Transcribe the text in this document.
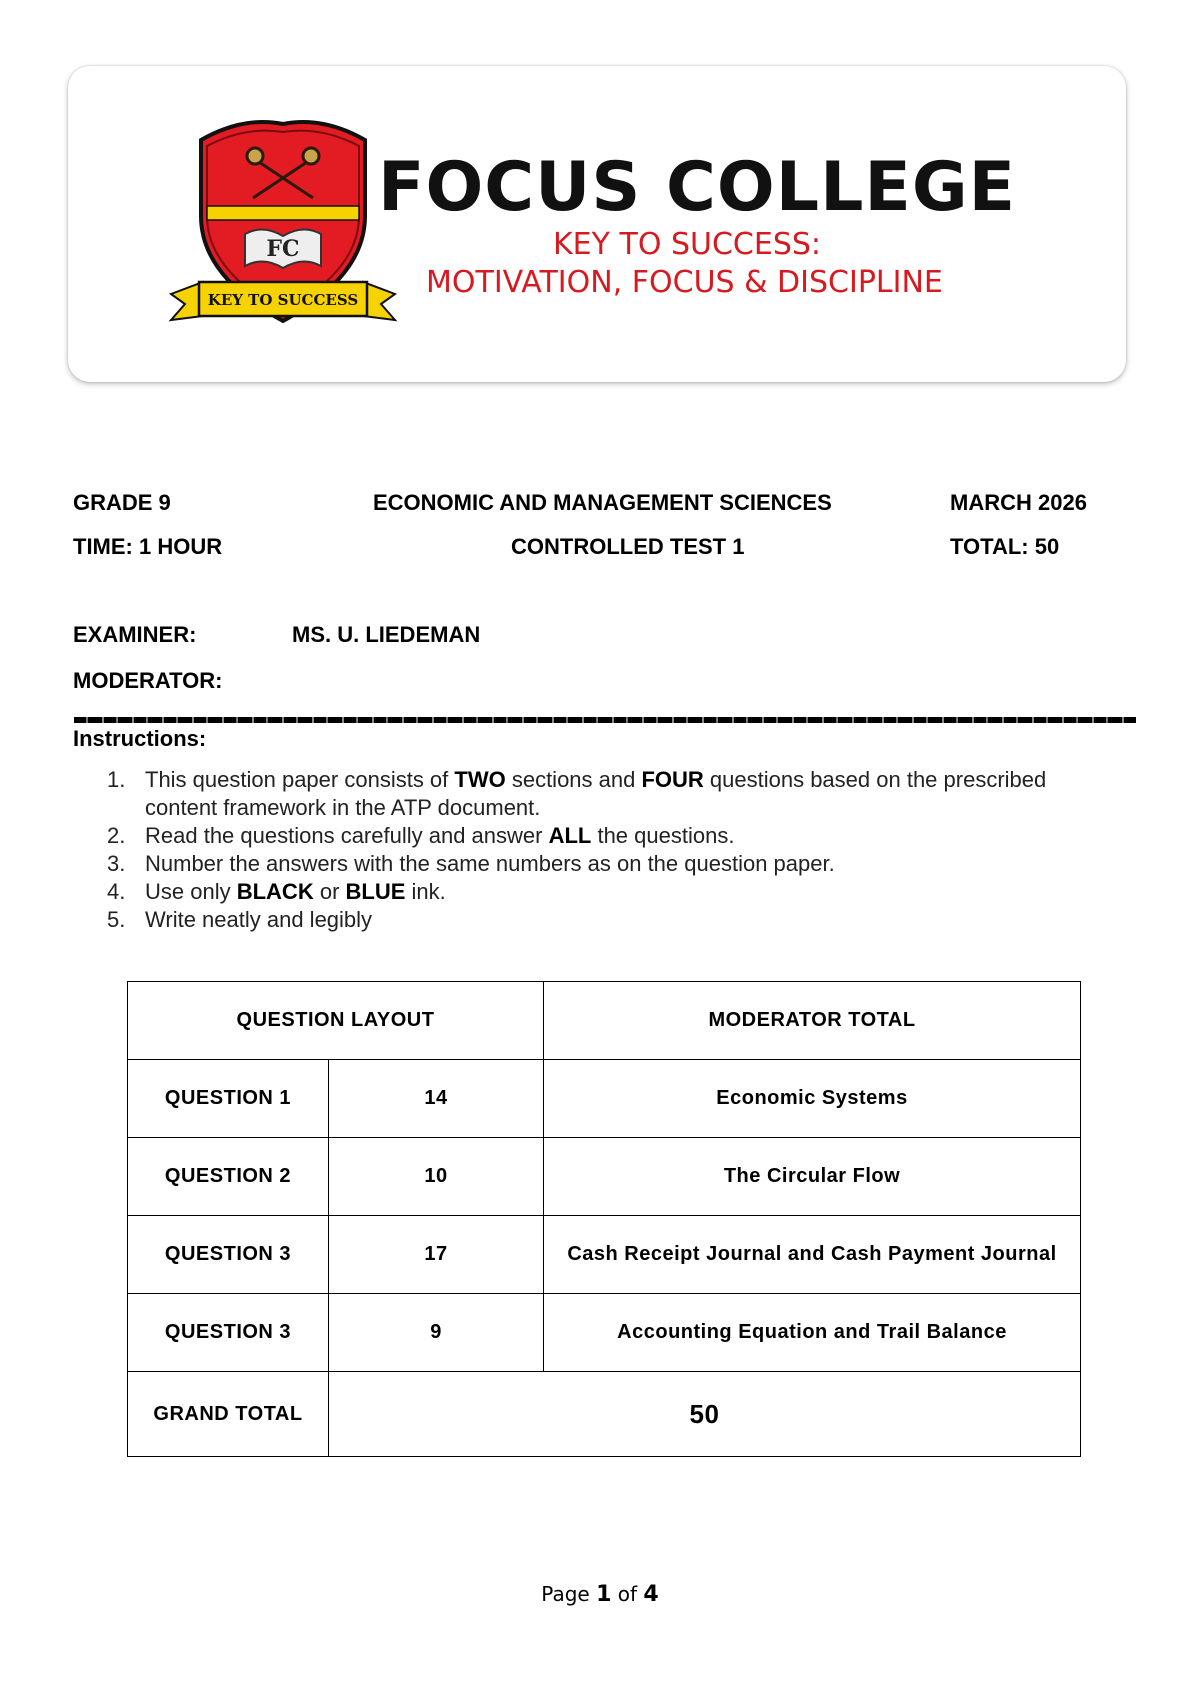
FC
KEY TO SUCCESS
FOCUS COLLEGE
KEY TO SUCCESS:
MOTIVATION, FOCUS & DISCIPLINE
GRADE 9	ECONOMIC AND MANAGEMENT SCIENCES	MARCH 2026
TIME: 1 HOUR	CONTROLLED TEST 1	TOTAL: 50
EXAMINER:	MS. U. LIEDEMAN
MODERATOR:
Instructions:
1. This question paper consists of TWO sections and FOUR questions based on the prescribed content framework in the ATP document.
2. Read the questions carefully and answer ALL the questions.
3. Number the answers with the same numbers as on the question paper.
4. Use only BLACK or BLUE ink.
5. Write neatly and legibly
QUESTION LAYOUT		MODERATOR TOTAL
QUESTION 1	14	Economic Systems
QUESTION 2	10	The Circular Flow
QUESTION 3	17	Cash Receipt Journal and Cash Payment Journal
QUESTION 3	9	Accounting Equation and Trail Balance
GRAND TOTAL	50	
Page 1 of 4
